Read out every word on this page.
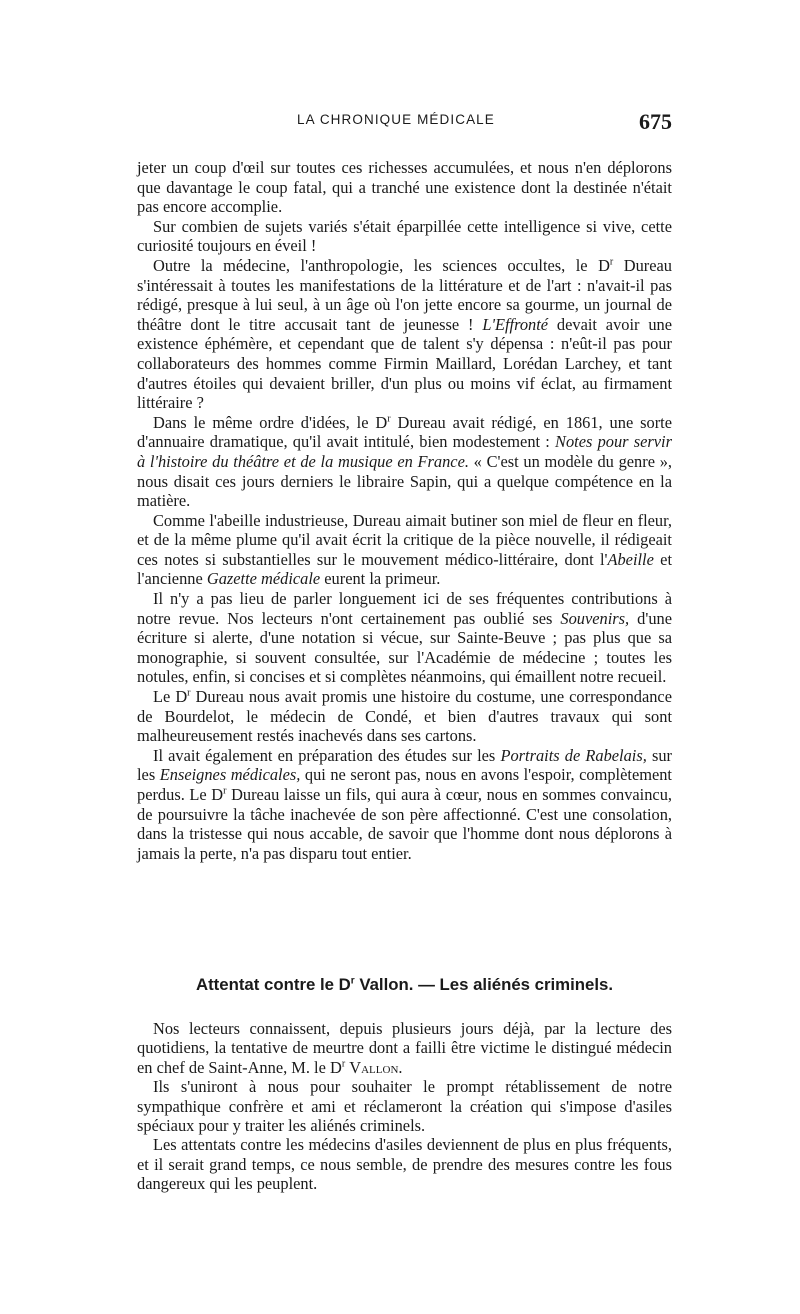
LA CHRONIQUE MÉDICALE	675

jeter un coup d'œil sur toutes ces richesses accumulées, et nous n'en déplorons que davantage le coup fatal, qui a tranché une existence dont la destinée n'était pas encore accomplie.

Sur combien de sujets variés s'était éparpillée cette intelligence si vive, cette curiosité toujours en éveil !

Outre la médecine, l'anthropologie, les sciences occultes, le $D^r$ Dureau s'intéressait à toutes les manifestations de la littérature et de l'art : n'avait-il pas rédigé, presque à lui seul, à un âge où l'on jette encore sa gourme, un journal de théâtre dont le titre accusait tant de jeunesse ! L'Effronté devait avoir une existence éphémère, et cependant que de talent s'y dépensa : n'eût-il pas pour collaborateurs des hommes comme Firmin Maillard, Lorédan Larchey, et tant d'autres étoiles qui devaient briller, d'un plus ou moins vif éclat, au firmament littéraire ?

Dans le même ordre d'idées, le $D^r$ Dureau avait rédigé, en 1861, une sorte d'annuaire dramatique, qu'il avait intitulé, bien modestement : Notes pour servir à l'histoire du théâtre et de la musique en France. « C'est un modèle du genre », nous disait ces jours derniers le libraire Sapin, qui a quelque compétence en la matière.

Comme l'abeille industrieuse, Dureau aimait butiner son miel de fleur en fleur, et de la même plume qu'il avait écrit la critique de la pièce nouvelle, il rédigeait ces notes si substantielles sur le mouvement médico-littéraire, dont l'Abeille et l'ancienne Gazette médicale eurent la primeur.

Il n'y a pas lieu de parler longuement ici de ses fréquentes contributions à notre revue. Nos lecteurs n'ont certainement pas oublié ses Souvenirs, d'une écriture si alerte, d'une notation si vécue, sur Sainte-Beuve ; pas plus que sa monographie, si souvent consultée, sur l'Académie de médecine ; toutes les notules, enfin, si concises et si complètes néanmoins, qui émaillent notre recueil.

Le $D^r$ Dureau nous avait promis une histoire du costume, une correspondance de Bourdelot, le médecin de Condé, et bien d'autres travaux qui sont malheureusement restés inachevés dans ses cartons.

Il avait également en préparation des études sur les Portraits de Rabelais, sur les Enseignes médicales, qui ne seront pas, nous en avons l'espoir, complètement perdus. Le $D^r$ Dureau laisse un fils, qui aura à cœur, nous en sommes convaincu, de poursuivre la tâche inachevée de son père affectionné. C'est une consolation, dans la tristesse qui nous accable, de savoir que l'homme dont nous déplorons à jamais la perte, n'a pas disparu tout entier.

Attentat contre le $D^r$ Vallon. — Les aliénés criminels.

Nos lecteurs connaissent, depuis plusieurs jours déjà, par la lecture des quotidiens, la tentative de meurtre dont a failli être victime le distingué médecin en chef de Saint-Anne, M. le $D^r$ Vallon.

Ils s'uniront à nous pour souhaiter le prompt rétablissement de notre sympathique confrère et ami et réclameront la création qui s'impose d'asiles spéciaux pour y traiter les aliénés criminels.

Les attentats contre les médecins d'asiles deviennent de plus en plus fréquents, et il serait grand temps, ce nous semble, de prendre des mesures contre les fous dangereux qui les peuplent.
